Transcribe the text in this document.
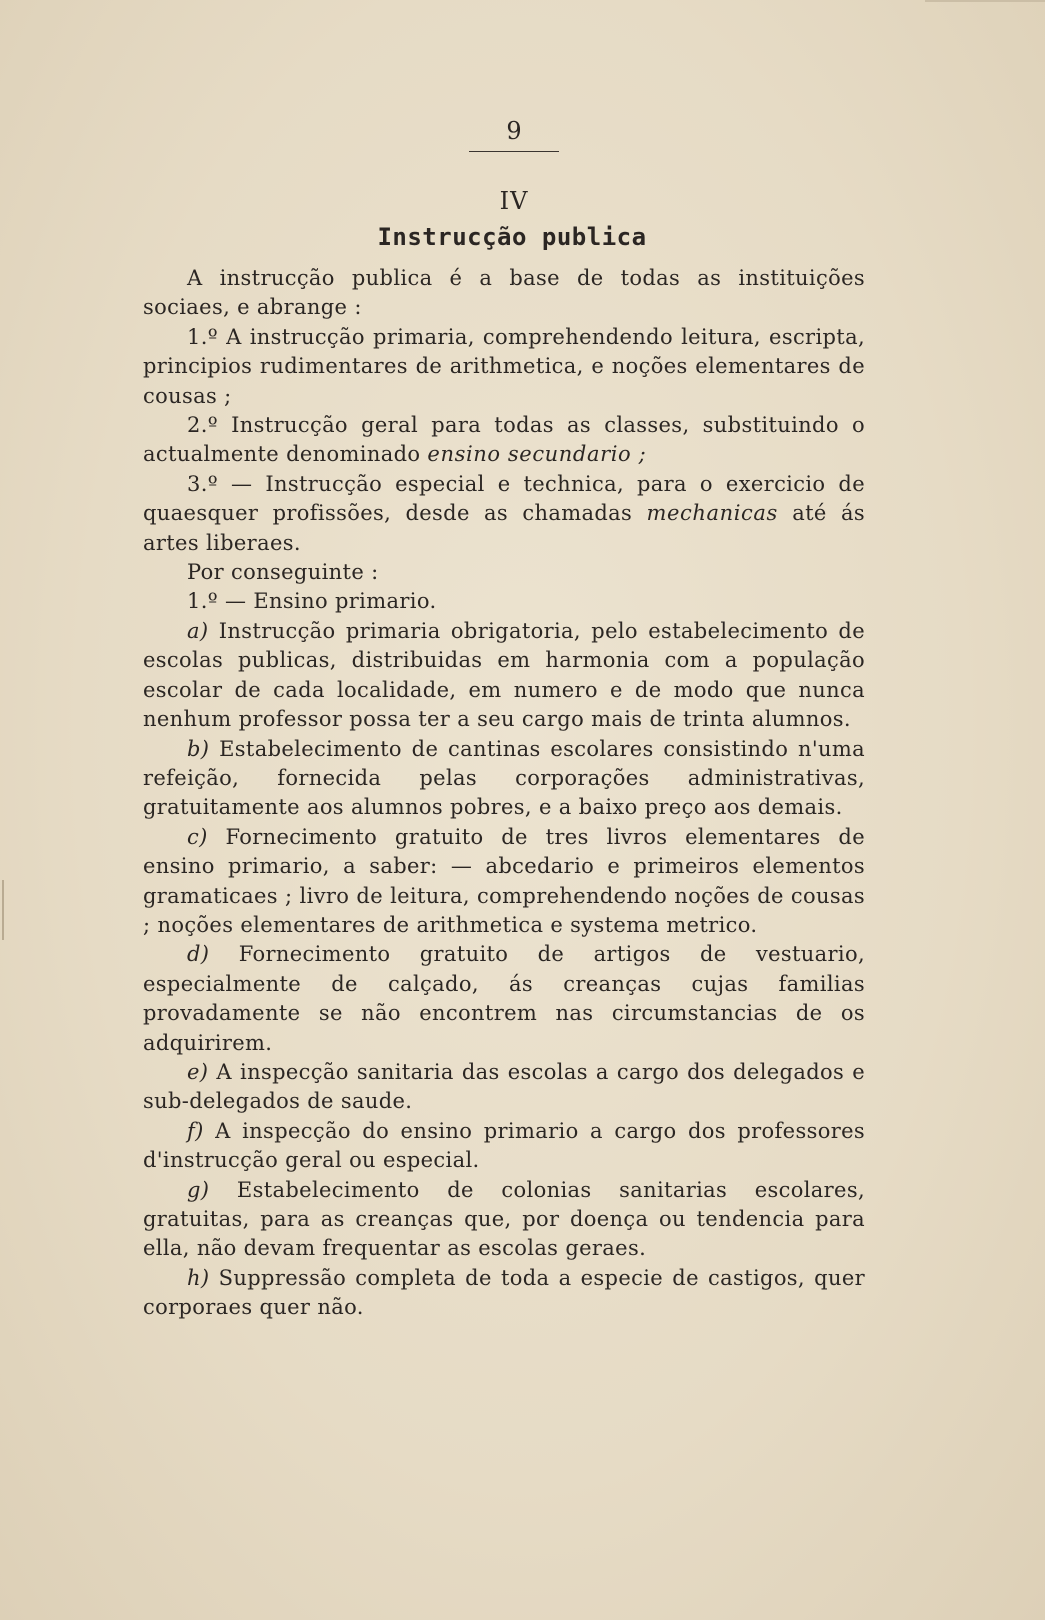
9
IV
Instrucção publica

A instrucção publica é a base de todas as instituições sociaes, e abrange :

1.º A instrucção primaria, comprehendendo leitura, escripta, principios rudimentares de arithmetica, e noções elementares de cousas ;

2.º Instrucção geral para todas as classes, substituindo o actualmente denominado ensino secundario ;

3.º — Instrucção especial e technica, para o exercicio de quaesquer profissões, desde as chamadas mechanicas até ás artes liberaes.

Por conseguinte :

1.º — Ensino primario.

a) Instrucção primaria obrigatoria, pelo estabelecimento de escolas publicas, distribuidas em harmonia com a população escolar de cada localidade, em numero e de modo que nunca nenhum professor possa ter a seu cargo mais de trinta alumnos.

b) Estabelecimento de cantinas escolares consistindo n'uma refeição, fornecida pelas corporações administrativas, gratuitamente aos alumnos pobres, e a baixo preço aos demais.

c) Fornecimento gratuito de tres livros elementares de ensino primario, a saber: — abcedario e primeiros elementos gramaticaes ; livro de leitura, comprehendendo noções de cousas ; noções elementares de arithmetica e systema metrico.

d) Fornecimento gratuito de artigos de vestuario, especialmente de calçado, ás creanças cujas familias provadamente se não encontrem nas circumstancias de os adquirirem.

e) A inspecção sanitaria das escolas a cargo dos delegados e sub-delegados de saude.

f) A inspecção do ensino primario a cargo dos professores d'instrucção geral ou especial.

g) Estabelecimento de colonias sanitarias escolares, gratuitas, para as creanças que, por doença ou tendencia para ella, não devam frequentar as escolas geraes.

h) Suppressão completa de toda a especie de castigos, quer corporaes quer não.
